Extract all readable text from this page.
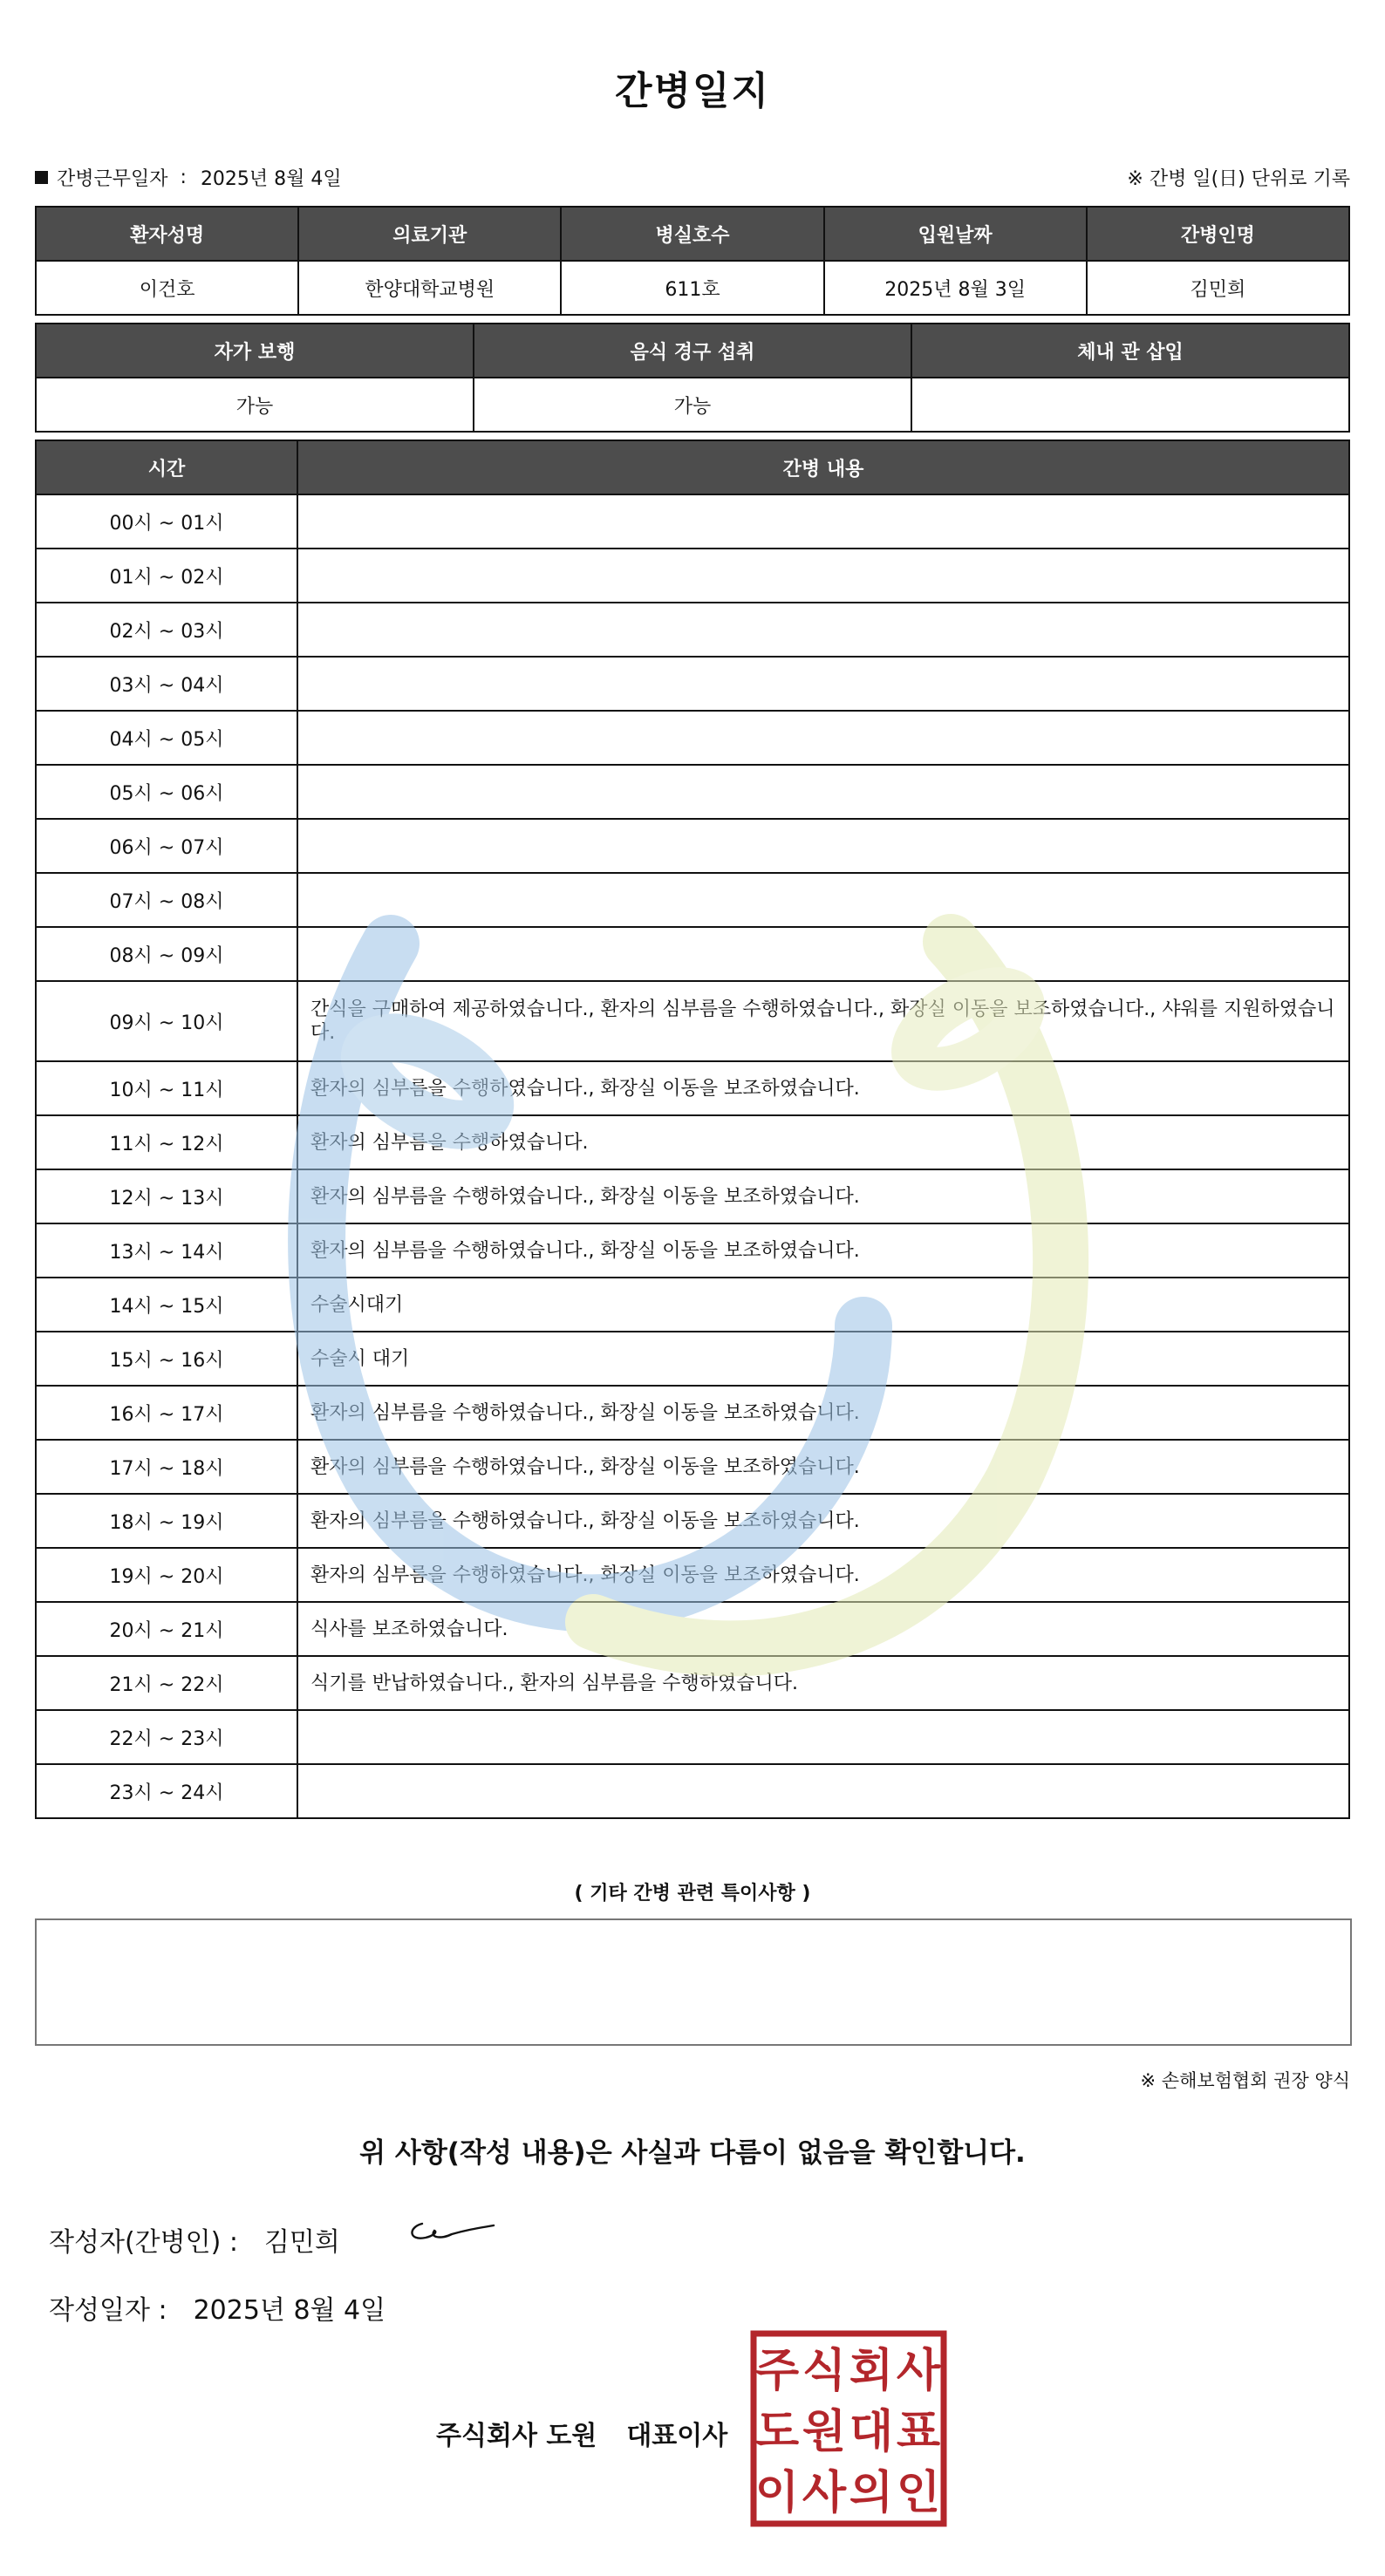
간병일지
간병근무일자 : 2025년 8월 4일	※ 간병 일(日) 단위로 기록
환자성명	의료기관	병실호수	입원날짜	간병인명
이건호	한양대학교병원	611호	2025년 8월 3일	김민희
자가 보행	음식 경구 섭취	체내 관 삽입
가능	가능	
시간	간병 내용
00시 ~ 01시	
01시 ~ 02시	
02시 ~ 03시	
03시 ~ 04시	
04시 ~ 05시	
05시 ~ 06시	
06시 ~ 07시	
07시 ~ 08시	
08시 ~ 09시	
09시 ~ 10시	간식을 구매하여 제공하였습니다., 환자의 심부름을 수행하였습니다., 화장실 이동을 보조하였습니다., 샤워를 지원하였습니다.
10시 ~ 11시	환자의 심부름을 수행하였습니다., 화장실 이동을 보조하였습니다.
11시 ~ 12시	환자의 심부름을 수행하였습니다.
12시 ~ 13시	환자의 심부름을 수행하였습니다., 화장실 이동을 보조하였습니다.
13시 ~ 14시	환자의 심부름을 수행하였습니다., 화장실 이동을 보조하였습니다.
14시 ~ 15시	수술시대기
15시 ~ 16시	수술시 대기
16시 ~ 17시	환자의 심부름을 수행하였습니다., 화장실 이동을 보조하였습니다.
17시 ~ 18시	환자의 심부름을 수행하였습니다., 화장실 이동을 보조하였습니다.
18시 ~ 19시	환자의 심부름을 수행하였습니다., 화장실 이동을 보조하였습니다.
19시 ~ 20시	환자의 심부름을 수행하였습니다., 화장실 이동을 보조하였습니다.
20시 ~ 21시	식사를 보조하였습니다.
21시 ~ 22시	식기를 반납하였습니다., 환자의 심부름을 수행하였습니다.
22시 ~ 23시	
23시 ~ 24시	
( 기타 간병 관련 특이사항 )
※ 손해보험협회 권장 양식
위 사항(작성 내용)은 사실과 다름이 없음을 확인합니다.
작성자(간병인) : 김민희
작성일자 : 2025년 8월 4일
주식회사 도원 대표이사
주 식 회 사
도 원 대 표
이 사 의 인
